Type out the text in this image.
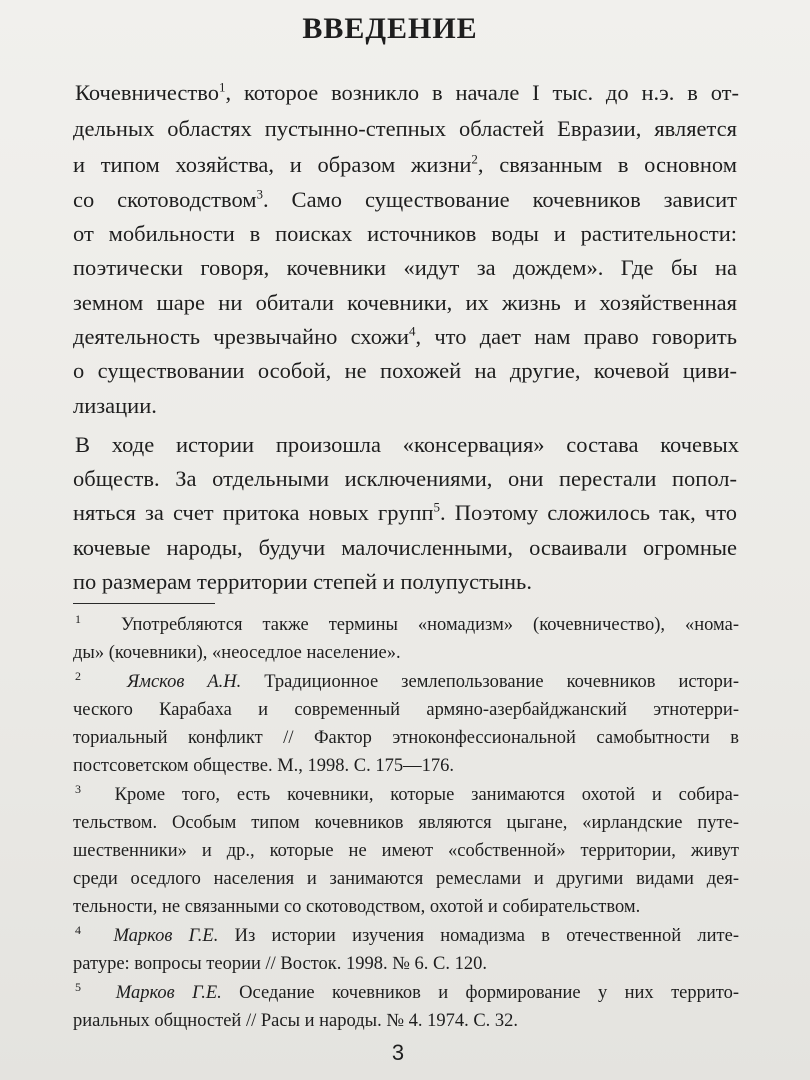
ВВЕДЕНИЕ
Кочевничество$^1$, которое возникло в начале I тыс. до н.э. в от-
дельных областях пустынно-степных областей Евразии, является
и типом хозяйства, и образом жизни$^2$, связанным в основном
со скотоводством$^3$. Само существование кочевников зависит
от мобильности в поисках источников воды и растительности:
поэтически говоря, кочевники «идут за дождем». Где бы на
земном шаре ни обитали кочевники, их жизнь и хозяйственная
деятельность чрезвычайно схожи$^4$, что дает нам право говорить
о существовании особой, не похожей на другие, кочевой циви-
лизации.
В ходе истории произошла «консервация» состава кочевых
обществ. За отдельными исключениями, они перестали попол-
няться за счет притока новых групп$^5$. Поэтому сложилось так, что
кочевые народы, будучи малочисленными, осваивали огромные
по размерам территории степей и полупустынь.
$^1$ Употребляются также термины «номадизм» (кочевничество), «нома-
ды» (кочевники), «неоседлое население».
$^2$ Ямсков А.Н. Традиционное землепользование кочевников истори-
ческого Карабаха и современный армяно-азербайджанский этнотерри-
ториальный конфликт // Фактор этноконфессиональной самобытности в
постсоветском обществе. М., 1998. С. 175—176.
$^3$ Кроме того, есть кочевники, которые занимаются охотой и собира-
тельством. Особым типом кочевников являются цыгане, «ирландские путе-
шественники» и др., которые не имеют «собственной» территории, живут
среди оседлого населения и занимаются ремеслами и другими видами дея-
тельности, не связанными со скотоводством, охотой и собирательством.
$^4$ Марков Г.Е. Из истории изучения номадизма в отечественной лите-
ратуре: вопросы теории // Восток. 1998. № 6. С. 120.
$^5$ Марков Г.Е. Оседание кочевников и формирование у них террито-
риальных общностей // Расы и народы. № 4. 1974. С. 32.
3
